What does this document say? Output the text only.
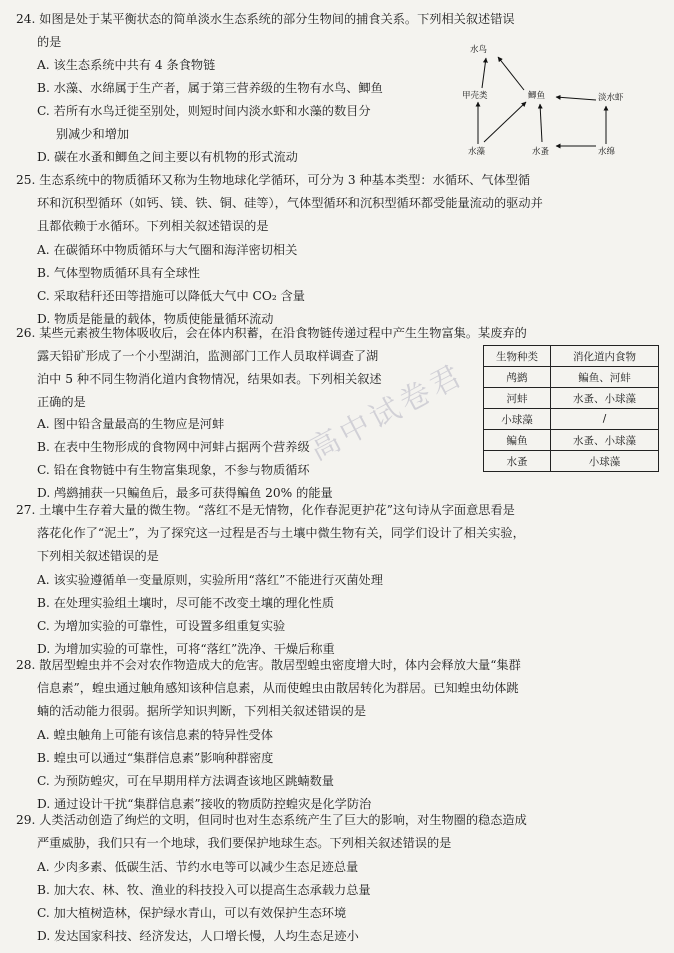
24. 如图是处于某平衡状态的简单淡水生态系统的部分生物间的捕食关系。下列相关叙述错误
的是
A. 该生态系统中共有 4 条食物链
B. 水藻、水绵属于生产者，属于第三营养级的生物有水鸟、鲫鱼
C. 若所有水鸟迁徙至别处，则短时间内淡水虾和水藻的数目分
别减少和增加
D. 碳在水蚤和鲫鱼之间主要以有机物的形式流动
水鸟
甲壳类	鲫鱼	淡水虾
水藻	水蚤	水绵
25. 生态系统中的物质循环又称为生物地球化学循环，可分为 3 种基本类型：水循环、气体型循
环和沉积型循环（如钙、镁、铁、铜、硅等），气体型循环和沉积型循环都受能量流动的驱动并
且都依赖于水循环。下列相关叙述错误的是
A. 在碳循环中物质循环与大气圈和海洋密切相关
B. 气体型物质循环具有全球性
C. 采取秸秆还田等措施可以降低大气中 CO₂ 含量
D. 物质是能量的载体，物质使能量循环流动
26. 某些元素被生物体吸收后，会在体内积蓄，在沿食物链传递过程中产生生物富集。某废弃的
露天铅矿形成了一个小型湖泊，监测部门工作人员取样调查了湖
泊中 5 种不同生物消化道内食物情况，结果如表。下列相关叙述
正确的是
A. 图中铅含量最高的生物应是河蚌
B. 在表中生物形成的食物网中河蚌占据两个营养级
C. 铅在食物链中有生物富集现象，不参与物质循环
D. 鸬鹚捕获一只鳊鱼后，最多可获得鳊鱼 20% 的能量
生物种类	消化道内食物
鸬鹚	鳊鱼、河蚌
河蚌	水蚤、小球藻
小球藻	/
鳊鱼	水蚤、小球藻
水蚤	小球藻
27. 土壤中生存着大量的微生物。“落红不是无情物，化作春泥更护花”这句诗从字面意思看是
落花化作了“泥土”，为了探究这一过程是否与土壤中微生物有关，同学们设计了相关实验，
下列相关叙述错误的是
A. 该实验遵循单一变量原则，实验所用“落红”不能进行灭菌处理
B. 在处理实验组土壤时，尽可能不改变土壤的理化性质
C. 为增加实验的可靠性，可设置多组重复实验
D. 为增加实验的可靠性，可将“落红”洗净、干燥后称重
28. 散居型蝗虫并不会对农作物造成大的危害。散居型蝗虫密度增大时，体内会释放大量“集群
信息素”，蝗虫通过触角感知该种信息素，从而使蝗虫由散居转化为群居。已知蝗虫幼体跳
蝻的活动能力很弱。据所学知识判断，下列相关叙述错误的是
A. 蝗虫触角上可能有该信息素的特异性受体
B. 蝗虫可以通过“集群信息素”影响种群密度
C. 为预防蝗灾，可在早期用样方法调查该地区跳蝻数量
D. 通过设计干扰“集群信息素”接收的物质防控蝗灾是化学防治
29. 人类活动创造了绚烂的文明，但同时也对生态系统产生了巨大的影响，对生物圈的稳态造成
严重威胁，我们只有一个地球，我们要保护地球生态。下列相关叙述错误的是
A. 少肉多素、低碳生活、节约水电等可以减少生态足迹总量
B. 加大农、林、牧、渔业的科技投入可以提高生态承载力总量
C. 加大植树造林，保护绿水青山，可以有效保护生态环境
D. 发达国家科技、经济发达，人口增长慢，人均生态足迹小
高中试卷君
